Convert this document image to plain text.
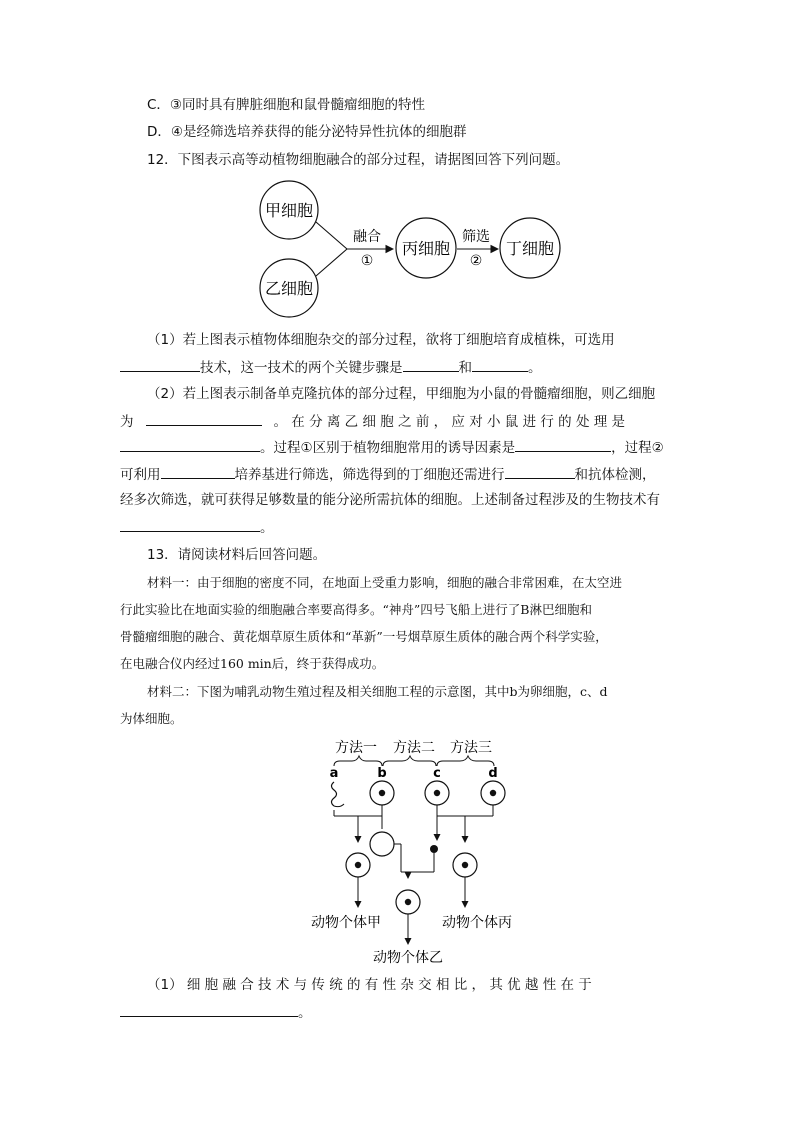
C．③同时具有脾脏细胞和鼠骨髓瘤细胞的特性
D．④是经筛选培养获得的能分泌特异性抗体的细胞群
12．下图表示高等动植物细胞融合的部分过程，请据图回答下列问题。
甲细胞
乙细胞
融合
①
丙细胞
筛选
②
丁细胞
（1）若上图表示植物体细胞杂交的部分过程，欲将丁细胞培育成植株，可选用
技术，这一技术的两个关键步骤是	和	。
（2）若上图表示制备单克隆抗体的部分过程，甲细胞为小鼠的骨髓瘤细胞，则乙细胞
为	。 在 分 离 乙 细 胞 之 前 ， 应 对 小 鼠 进 行 的 处 理 是
。过程①区别于植物细胞常用的诱导因素是	，过程②
可利用	培养基进行筛选，筛选得到的丁细胞还需进行	和抗体检测，
经多次筛选，就可获得足够数量的能分泌所需抗体的细胞。上述制备过程涉及的生物技术有
。
13．请阅读材料后回答问题。
材料一：由于细胞的密度不同，在地面上受重力影响，细胞的融合非常困难，在太空进
行此实验比在地面实验的细胞融合率要高得多。“神舟”四号飞船上进行了B淋巴细胞和
骨髓瘤细胞的融合、黄花烟草原生质体和“革新”一号烟草原生质体的融合两个科学实验，
在电融合仪内经过160 min后，终于获得成功。
材料二：下图为哺乳动物生殖过程及相关细胞工程的示意图，其中b为卵细胞，c、d
为体细胞。
方法一 方法二 方法三
a	b	c	d
动物个体甲	动物个体丙
动物个体乙
（1） 细 胞 融 合 技 术 与 传 统 的 有 性 杂 交 相 比 ， 其 优 越 性 在 于
。
